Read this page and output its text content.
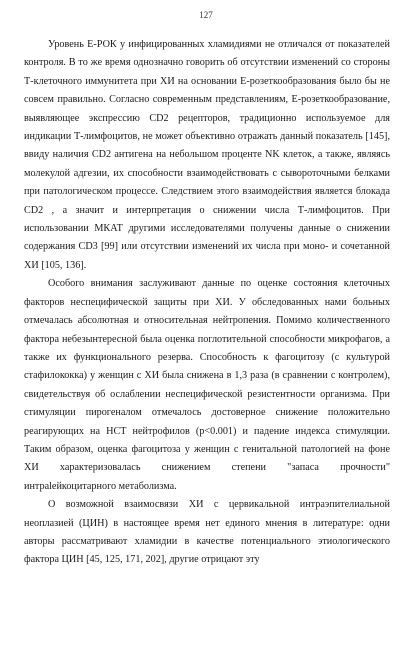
127

Уровень Е-РОК у инфицированных хламидиями не отличался от показателей контроля. В то же время однозначно говорить об отсутствии изменений со стороны Т-клеточного иммунитета при ХИ на основании Е-розеткообразования было бы не совсем правильно. Согласно современным представлениям, Е-розеткообразование, выявляющее экспрессию CD2 рецепторов, традиционно используемое для индикации Т-лимфоцитов, не может объективно отражать данный показатель [145], ввиду наличия CD2 антигена на небольшом проценте NK клеток, а также, являясь молекулой адгезии, их способности взаимодействовать с сывороточными белками при патологическом процессе. Следствием этого взаимодействия является блокада CD2 , а значит и интерпретация о снижении числа Т-лимфоцитов. При использовании МКАТ другими исследователями получены данные о снижении содержания CD3 [99] или отсутствии изменений их числа при моно- и сочетанной ХИ [105, 136].

Особого внимания заслуживают данные по оценке состояния клеточных факторов неспецифической защиты при ХИ. У обследованных нами больных отмечалась абсолютная и относительная нейтропения. Помимо количественного фактора небезынтересной была оценка поглотительной способности микрофагов, а также их функционального резерва. Способность к фагоцитозу (с культурой стафилококка) у женщин с ХИ была снижена в 1,3 раза (в сравнении с контролем), свидетельствуя об ослаблении неспецифической резистентности организма. При стимуляции пирогеналом отмечалось достоверное снижение положительно реагирующих на НСТ нейтрофилов (p<0.001) и падение индекса стимуляции. Таким образом, оценка фагоцитоза у женщин с генитальной патологией на фоне ХИ характеризовалась снижением степени "запаса прочности" интрalейкоцитарного метаболизма.

О возможной взаимосвязи ХИ с цервикальной интраэпителиальной неоплазией (ЦИН) в настоящее время нет единого мнения в литературе: одни авторы рассматривают хламидии в качестве потенциального этиологического фактора ЦИН [45, 125, 171, 202], другие отрицают эту
